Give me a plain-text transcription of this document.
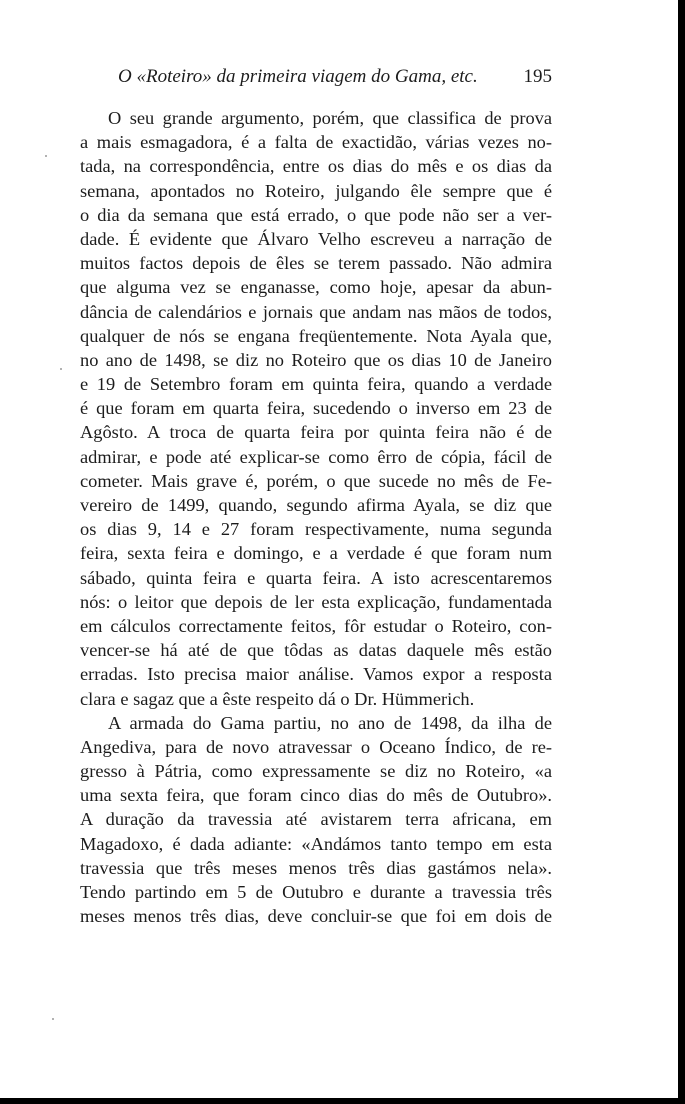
O «Roteiro» da primeira viagem do Gama, etc. 195
O seu grande argumento, porém, que classifica de prova
a mais esmagadora, é a falta de exactidão, várias vezes no-
tada, na correspondência, entre os dias do mês e os dias da
semana, apontados no Roteiro, julgando êle sempre que é
o dia da semana que está errado, o que pode não ser a ver-
dade. É evidente que Álvaro Velho escreveu a narração de
muitos factos depois de êles se terem passado. Não admira
que alguma vez se enganasse, como hoje, apesar da abun-
dância de calendários e jornais que andam nas mãos de todos,
qualquer de nós se engana freqüentemente. Nota Ayala que,
no ano de 1498, se diz no Roteiro que os dias 10 de Janeiro
e 19 de Setembro foram em quinta feira, quando a verdade
é que foram em quarta feira, sucedendo o inverso em 23 de
Agôsto. A troca de quarta feira por quinta feira não é de
admirar, e pode até explicar-se como êrro de cópia, fácil de
cometer. Mais grave é, porém, o que sucede no mês de Fe-
vereiro de 1499, quando, segundo afirma Ayala, se diz que
os dias 9, 14 e 27 foram respectivamente, numa segunda
feira, sexta feira e domingo, e a verdade é que foram num
sábado, quinta feira e quarta feira. A isto acrescentaremos
nós: o leitor que depois de ler esta explicação, fundamentada
em cálculos correctamente feitos, fôr estudar o Roteiro, con-
vencer-se há até de que tôdas as datas daquele mês estão
erradas. Isto precisa maior análise. Vamos expor a resposta
clara e sagaz que a êste respeito dá o Dr. Hümmerich.
A armada do Gama partiu, no ano de 1498, da ilha de
Angediva, para de novo atravessar o Oceano Índico, de re-
gresso à Pátria, como expressamente se diz no Roteiro, «a
uma sexta feira, que foram cinco dias do mês de Outubro».
A duração da travessia até avistarem terra africana, em
Magadoxo, é dada adiante: «Andámos tanto tempo em esta
travessia que três meses menos três dias gastámos nela».
Tendo partindo em 5 de Outubro e durante a travessia três
meses menos três dias, deve concluir-se que foi em dois de
